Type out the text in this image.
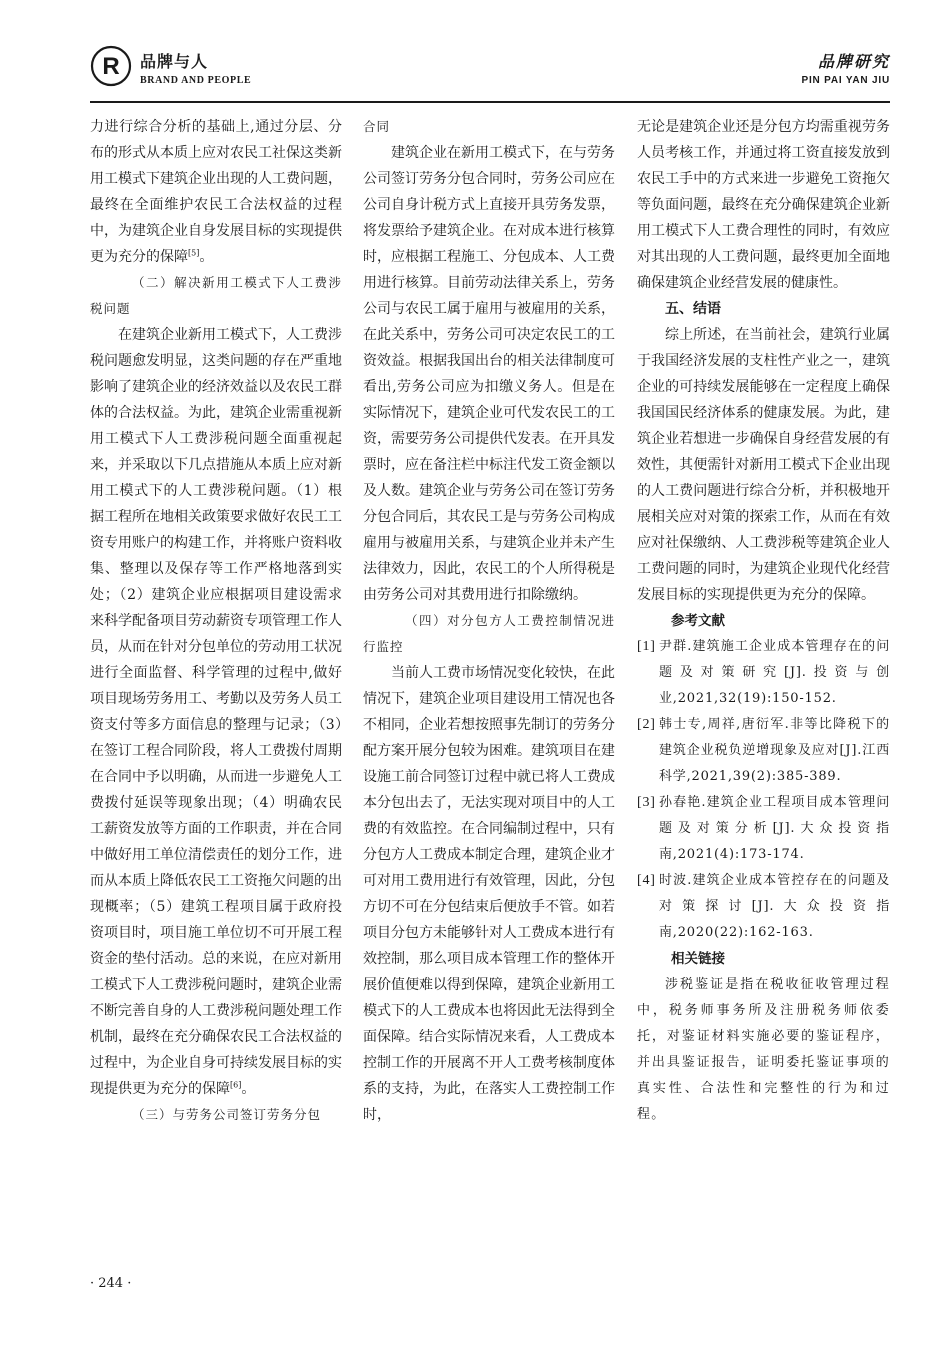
R 品牌与人
BRAND AND PEOPLE
品牌研究
PIN PAI YAN JIU

力进行综合分析的基础上,通过分层、分布的形式从本质上应对农民工社保这类新用工模式下建筑企业出现的人工费问题，最终在全面维护农民工合法权益的过程中，为建筑企业自身发展目标的实现提供更为充分的保障[5]。

（二）解决新用工模式下人工费涉税问题

在建筑企业新用工模式下，人工费涉税问题愈发明显，这类问题的存在严重地影响了建筑企业的经济效益以及农民工群体的合法权益。为此，建筑企业需重视新用工模式下人工费涉税问题全面重视起来，并采取以下几点措施从本质上应对新用工模式下的人工费涉税问题。（1）根据工程所在地相关政策要求做好农民工工资专用账户的构建工作，并将账户资料收集、整理以及保存等工作严格地落到实处；（2）建筑企业应根据项目建设需求来科学配备项目劳动薪资专项管理工作人员，从而在针对分包单位的劳动用工状况进行全面监督、科学管理的过程中,做好项目现场劳务用工、考勤以及劳务人员工资支付等多方面信息的整理与记录；（3）在签订工程合同阶段，将人工费拨付周期在合同中予以明确，从而进一步避免人工费拨付延误等现象出现；（4）明确农民工薪资发放等方面的工作职责，并在合同中做好用工单位清偿责任的划分工作，进而从本质上降低农民工工资拖欠问题的出现概率；（5）建筑工程项目属于政府投资项目时，项目施工单位切不可开展工程资金的垫付活动。总的来说，在应对新用工模式下人工费涉税问题时，建筑企业需不断完善自身的人工费涉税问题处理工作机制，最终在充分确保农民工合法权益的过程中，为企业自身可持续发展目标的实现提供更为充分的保障[6]。

（三）与劳务公司签订劳务分包

合同

建筑企业在新用工模式下，在与劳务公司签订劳务分包合同时，劳务公司应在公司自身计税方式上直接开具劳务发票，将发票给予建筑企业。在对成本进行核算时，应根据工程施工、分包成本、人工费用进行核算。目前劳动法律关系上，劳务公司与农民工属于雇用与被雇用的关系，在此关系中，劳务公司可决定农民工的工资效益。根据我国出台的相关法律制度可看出,劳务公司应为扣缴义务人。但是在实际情况下，建筑企业可代发农民工的工资，需要劳务公司提供代发表。在开具发票时，应在备注栏中标注代发工资金额以及人数。建筑企业与劳务公司在签订劳务分包合同后，其农民工是与劳务公司构成雇用与被雇用关系，与建筑企业并未产生法律效力，因此，农民工的个人所得税是由劳务公司对其费用进行扣除缴纳。

（四）对分包方人工费控制情况进行监控

当前人工费市场情况变化较快，在此情况下，建筑企业项目建设用工情况也各不相同，企业若想按照事先制订的劳务分配方案开展分包较为困难。建筑项目在建设施工前合同签订过程中就已将人工费成本分包出去了，无法实现对项目中的人工费的有效监控。在合同编制过程中，只有分包方人工费成本制定合理，建筑企业才可对用工费用进行有效管理，因此，分包方切不可在分包结束后便放手不管。如若项目分包方未能够针对人工费成本进行有效控制，那么项目成本管理工作的整体开展价值便难以得到保障，建筑企业新用工模式下的人工费成本也将因此无法得到全面保障。结合实际情况来看，人工费成本控制工作的开展离不开人工费考核制度体系的支持，为此，在落实人工费控制工作时，

无论是建筑企业还是分包方均需重视劳务人员考核工作，并通过将工资直接发放到农民工手中的方式来进一步避免工资拖欠等负面问题，最终在充分确保建筑企业新用工模式下人工费合理性的同时，有效应对其出现的人工费问题，最终更加全面地确保建筑企业经营发展的健康性。

五、结语

综上所述，在当前社会，建筑行业属于我国经济发展的支柱性产业之一，建筑企业的可持续发展能够在一定程度上确保我国国民经济体系的健康发展。为此，建筑企业若想进一步确保自身经营发展的有效性，其便需针对新用工模式下企业出现的人工费问题进行综合分析，并积极地开展相关应对对策的探索工作，从而在有效应对社保缴纳、人工费涉税等建筑企业人工费问题的同时，为建筑企业现代化经营发展目标的实现提供更为充分的保障。

参考文献

[1] 尹群.建筑施工企业成本管理存在的问题及对策研究[J].投资与创业,2021,32(19):150-152.
[2] 韩士专,周祥,唐衍军.非等比降税下的建筑企业税负逆增现象及应对[J].江西科学,2021,39(2):385-389.
[3] 孙春艳.建筑企业工程项目成本管理问题及对策分析[J].大众投资指南,2021(4):173-174.
[4] 时波.建筑企业成本管控存在的问题及对策探讨[J].大众投资指南,2020(22):162-163.

相关链接

涉税鉴证是指在税收征收管理过程中，税务师事务所及注册税务师依委托，对鉴证材料实施必要的鉴证程序，并出具鉴证报告，证明委托鉴证事项的真实性、合法性和完整性的行为和过程。

· 244 ·
